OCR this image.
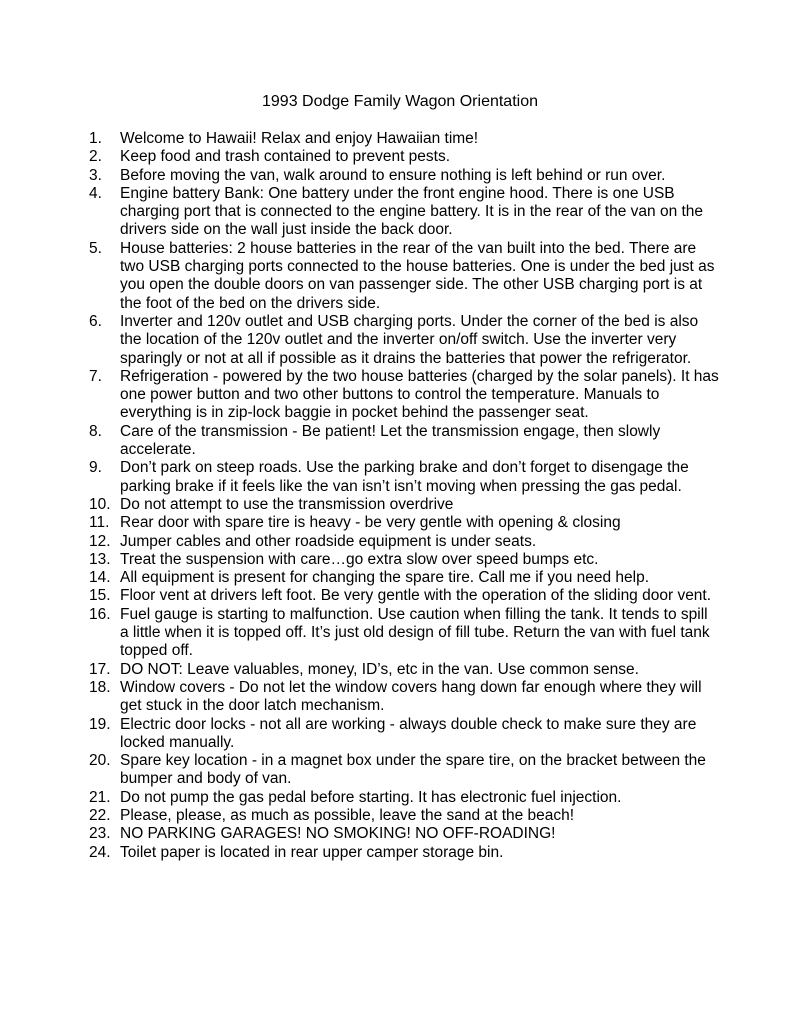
1993 Dodge Family Wagon Orientation
1.	Welcome to Hawaii! Relax and enjoy Hawaiian time!
2.	Keep food and trash contained to prevent pests.
3.	Before moving the van, walk around to ensure nothing is left behind or run over.
4.	Engine battery Bank: One battery under the front engine hood. There is one USB charging port that is connected to the engine battery. It is in the rear of the van on the drivers side on the wall just inside the back door.
5.	House batteries: 2 house batteries in the rear of the van built into the bed. There are two USB charging ports connected to the house batteries. One is under the bed just as you open the double doors on van passenger side. The other USB charging port is at the foot of the bed on the drivers side.
6.	Inverter and 120v outlet and USB charging ports. Under the corner of the bed is also the location of the 120v outlet and the inverter on/off switch. Use the inverter very sparingly or not at all if possible as it drains the batteries that power the refrigerator.
7.	Refrigeration - powered by the two house batteries (charged by the solar panels). It has one power button and two other buttons to control the temperature. Manuals to everything is in zip-lock baggie in pocket behind the passenger seat.
8.	Care of the transmission - Be patient! Let the transmission engage, then slowly accelerate.
9.	Don’t park on steep roads. Use the parking brake and don’t forget to disengage the parking brake if it feels like the van isn’t isn’t moving when pressing the gas pedal.
10. Do not attempt to use the transmission overdrive
11. Rear door with spare tire is heavy - be very gentle with opening & closing
12. Jumper cables and other roadside equipment is under seats.
13. Treat the suspension with care…go extra slow over speed bumps etc.
14. All equipment is present for changing the spare tire. Call me if you need help.
15. Floor vent at drivers left foot. Be very gentle with the operation of the sliding door vent.
16. Fuel gauge is starting to malfunction. Use caution when filling the tank. It tends to spill a little when it is topped off. It’s just old design of fill tube. Return the van with fuel tank topped off.
17. DO NOT: Leave valuables, money, ID’s, etc in the van. Use common sense.
18. Window covers - Do not let the window covers hang down far enough where they will get stuck in the door latch mechanism.
19. Electric door locks - not all are working - always double check to make sure they are locked manually.
20. Spare key location - in a magnet box under the spare tire, on the bracket between the bumper and body of van.
21. Do not pump the gas pedal before starting. It has electronic fuel injection.
22. Please, please, as much as possible, leave the sand at the beach!
23. NO PARKING GARAGES! NO SMOKING! NO OFF-ROADING!
24. Toilet paper is located in rear upper camper storage bin.
